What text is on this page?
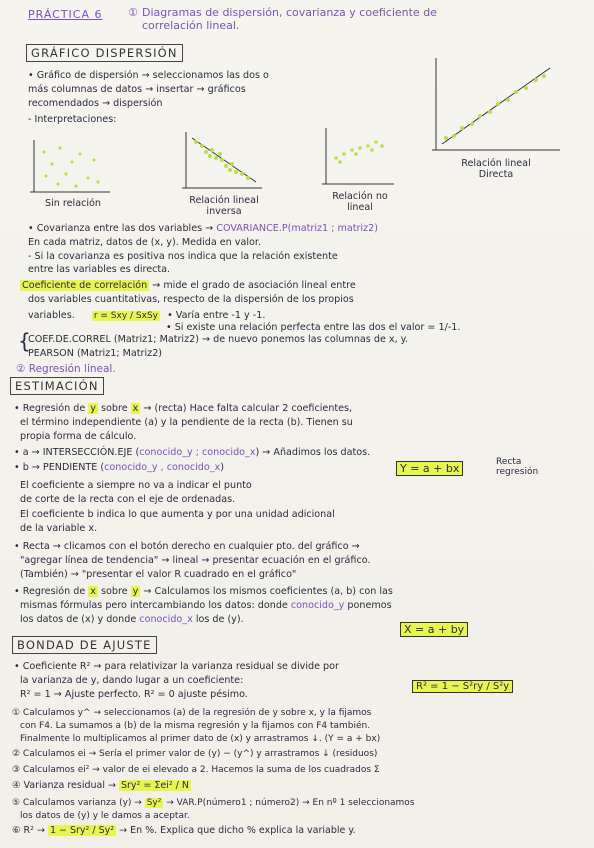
PRÁCTICA 6 ① Diagramas de dispersión, covarianza y coeficiente de
correlación lineal.
GRÁFICO DISPERSIÓN
• Gráfico de dispersión → seleccionamos las dos o
más columnas de datos → insertar → gráficos
recomendados → dispersión
- Interpretaciones:
Sin relación	Relación lineal
inversa
Relación no
lineal
Relación lineal
Directa
• Covarianza entre las dos variables → COVARIANCE.P(matriz1 ; matriz2)
En cada matriz, datos de (x, y). Medida en valor.
- Si la covarianza es positiva nos indica que la relación existente
entre las variables es directa.
Coeficiente de correlación → mide el grado de asociación lineal entre
dos variables cuantitativas, respecto de la dispersión de los propios
variables. r = Sxy / SxSy • Varía entre -1 y -1.
• Si existe una relación perfecta entre las dos el valor = 1/-1.
{
COEF.DE.CORREL (Matriz1; Matriz2) → de nuevo ponemos las columnas de x, y.
PEARSON (Matriz1; Matriz2)
② Regresión lineal.
ESTIMACIÓN
• Regresión de y sobre x → (recta) Hace falta calcular 2 coeficientes,
el término independiente (a) y la pendiente de la recta (b). Tienen su
propia forma de cálculo.
• a → INTERSECCIÓN.EJE (conocido_y ; conocido_x) → Añadimos los datos.
• b → PENDIENTE (conocido_y , conocido_x)	Y = a + bx	Recta
regresión
El coeficiente a siempre no va a indicar el punto
de corte de la recta con el eje de ordenadas.
El coeficiente b indica lo que aumenta y por una unidad adicional
de la variable x.
• Recta → clicamos con el botón derecho en cualquier pto. del gráfico →
"agregar línea de tendencia" → lineal → presentar ecuación en el gráfico.
(También) → "presentar el valor R cuadrado en el gráfico"
• Regresión de x sobre y → Calculamos los mismos coeficientes (a, b) con las
mismas fórmulas pero intercambiando los datos: donde conocido_y ponemos
los datos de (x) y donde conocido_x los de (y).
X = a + by
BONDAD DE AJUSTE
• Coeficiente R² → para relativizar la varianza residual se divide por
la varianza de y, dando lugar a un coeficiente:
R² = 1 − S²ry / S²y
R² = 1 → Ajuste perfecto. R² = 0 ajuste pésimo.
① Calculamos y^ → seleccionamos (a) de la regresión de y sobre x, y la fijamos
con F4. La sumamos a (b) de la misma regresión y la fijamos con F4 también.
Finalmente lo multiplicamos al primer dato de (x) y arrastramos ↓. (Y = a + bx)
② Calculamos ei → Sería el primer valor de (y) − (y^) y arrastramos ↓ (residuos)
③ Calculamos ei² → valor de ei elevado a 2. Hacemos la suma de los cuadrados Σ
④ Varianza residual → Sry² = Σei² / N
⑤ Calculamos varianza (y) → Sy² → VAR.P(número1 ; número2) → En nº 1 seleccionamos
los datos de (y) y le damos a aceptar.
⑥ R² → 1 − Sry² / Sy² → En %. Explica que dicho % explica la variable y.
